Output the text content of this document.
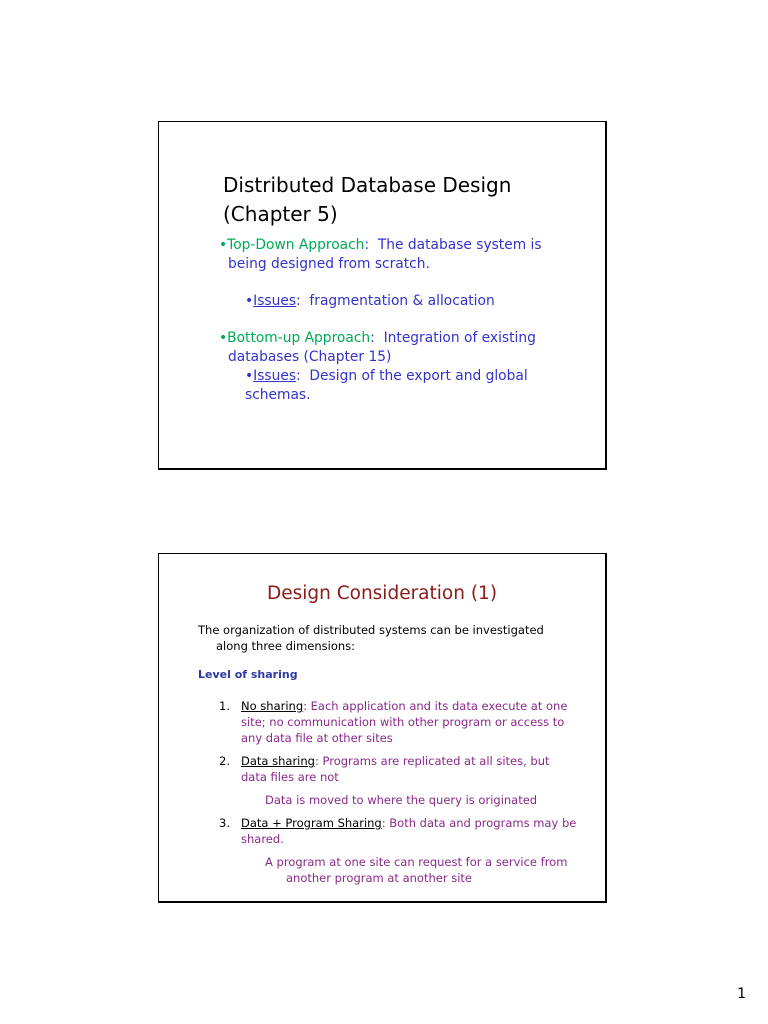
Distributed Database Design
(Chapter 5)
•Top-Down Approach:  The database system is
being designed from scratch.
•Issues:  fragmentation & allocation
•Bottom-up Approach:  Integration of existing
databases (Chapter 15)
•Issues:  Design of the export and global
schemas.
Design Consideration (1)
The organization of distributed systems can be investigated
along three dimensions:
Level of sharing
1. No sharing: Each application and its data execute at one
site; no communication with other program or access to
any data file at other sites
2. Data sharing: Programs are replicated at all sites, but
data files are not
Data is moved to where the query is originated
3. Data + Program Sharing: Both data and programs may be
shared.
A program at one site can request for a service from
another program at another site
1
